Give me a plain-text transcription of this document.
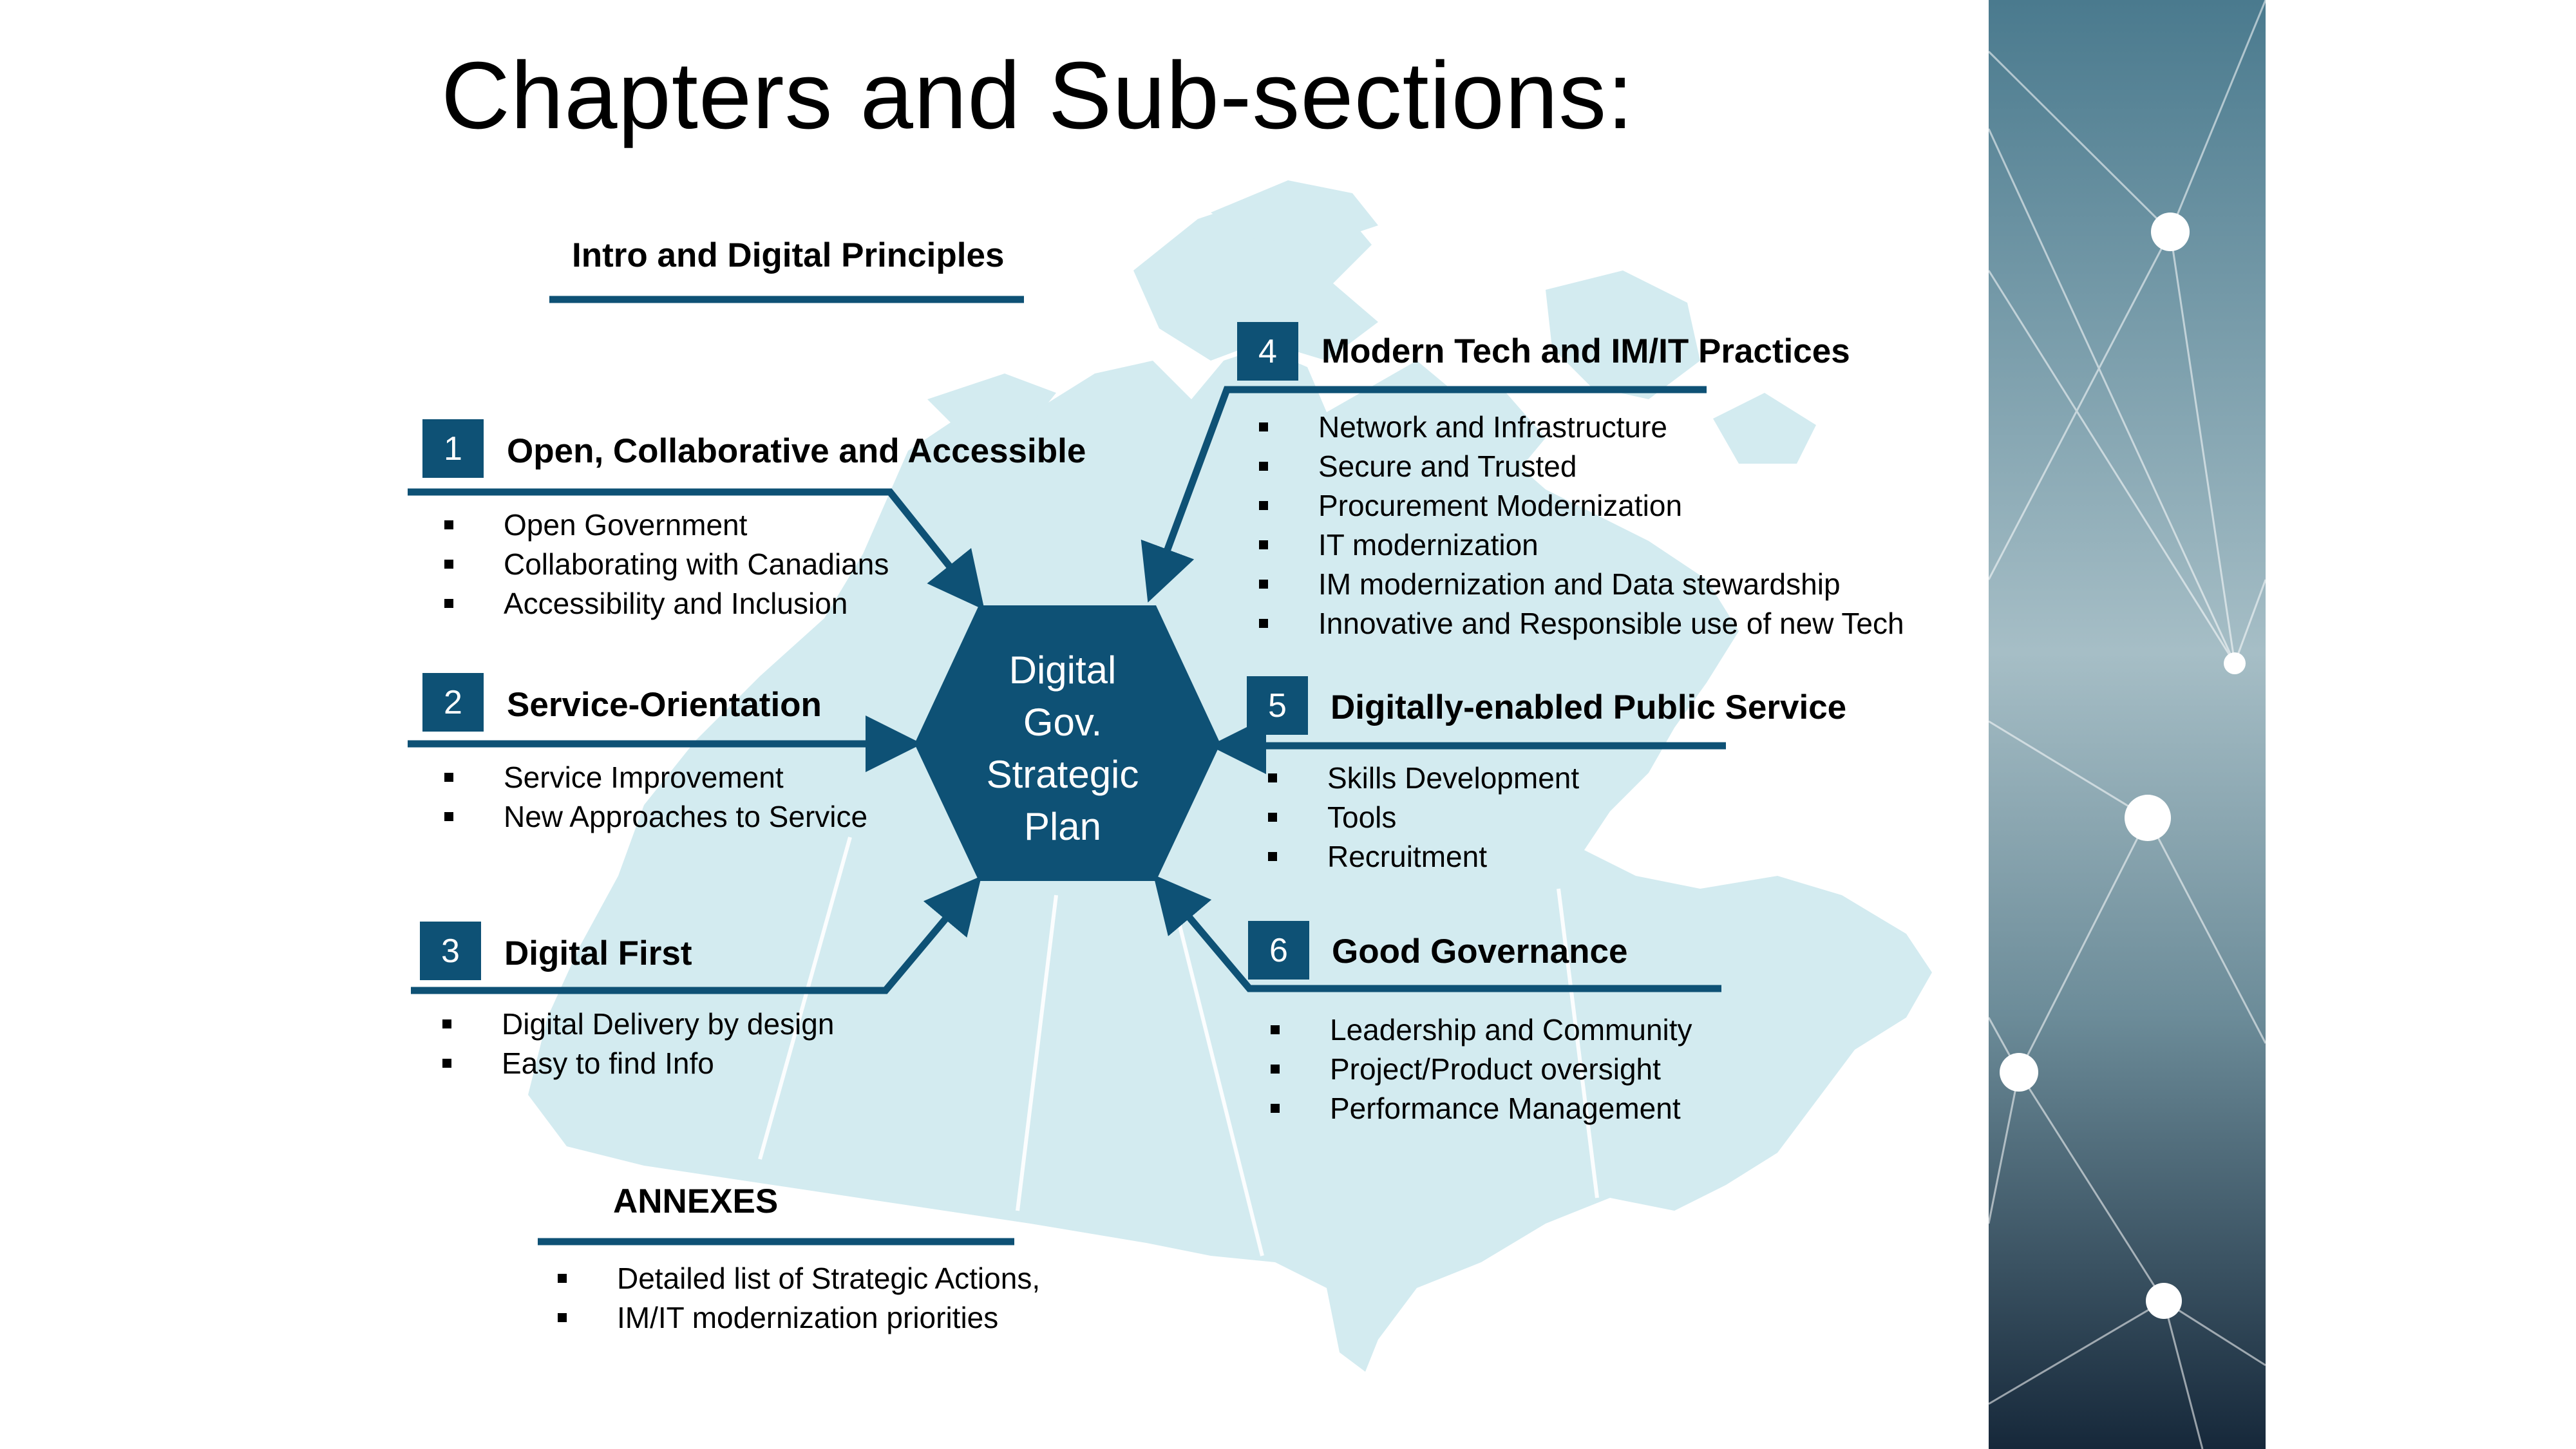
Chapters and Sub-sections:
Digital
Gov.
Strategic
Plan
Intro and Digital Principles
1	Open, Collaborative and Accessible
Open Government
Collaborating with Canadians
Accessibility and Inclusion
2	Service-Orientation
Service Improvement
New Approaches to Service
3	Digital First
Digital Delivery by design
Easy to find Info
4	Modern Tech and IM/IT Practices
Network and Infrastructure
Secure and Trusted
Procurement Modernization
IT modernization
IM modernization and Data stewardship
Innovative and Responsible use of new Tech
5	Digitally-enabled Public Service
Skills Development
Tools
Recruitment
6	Good Governance
Leadership and Community
Project/Product oversight
Performance Management
ANNEXES
Detailed list of Strategic Actions,
IM/IT modernization priorities
